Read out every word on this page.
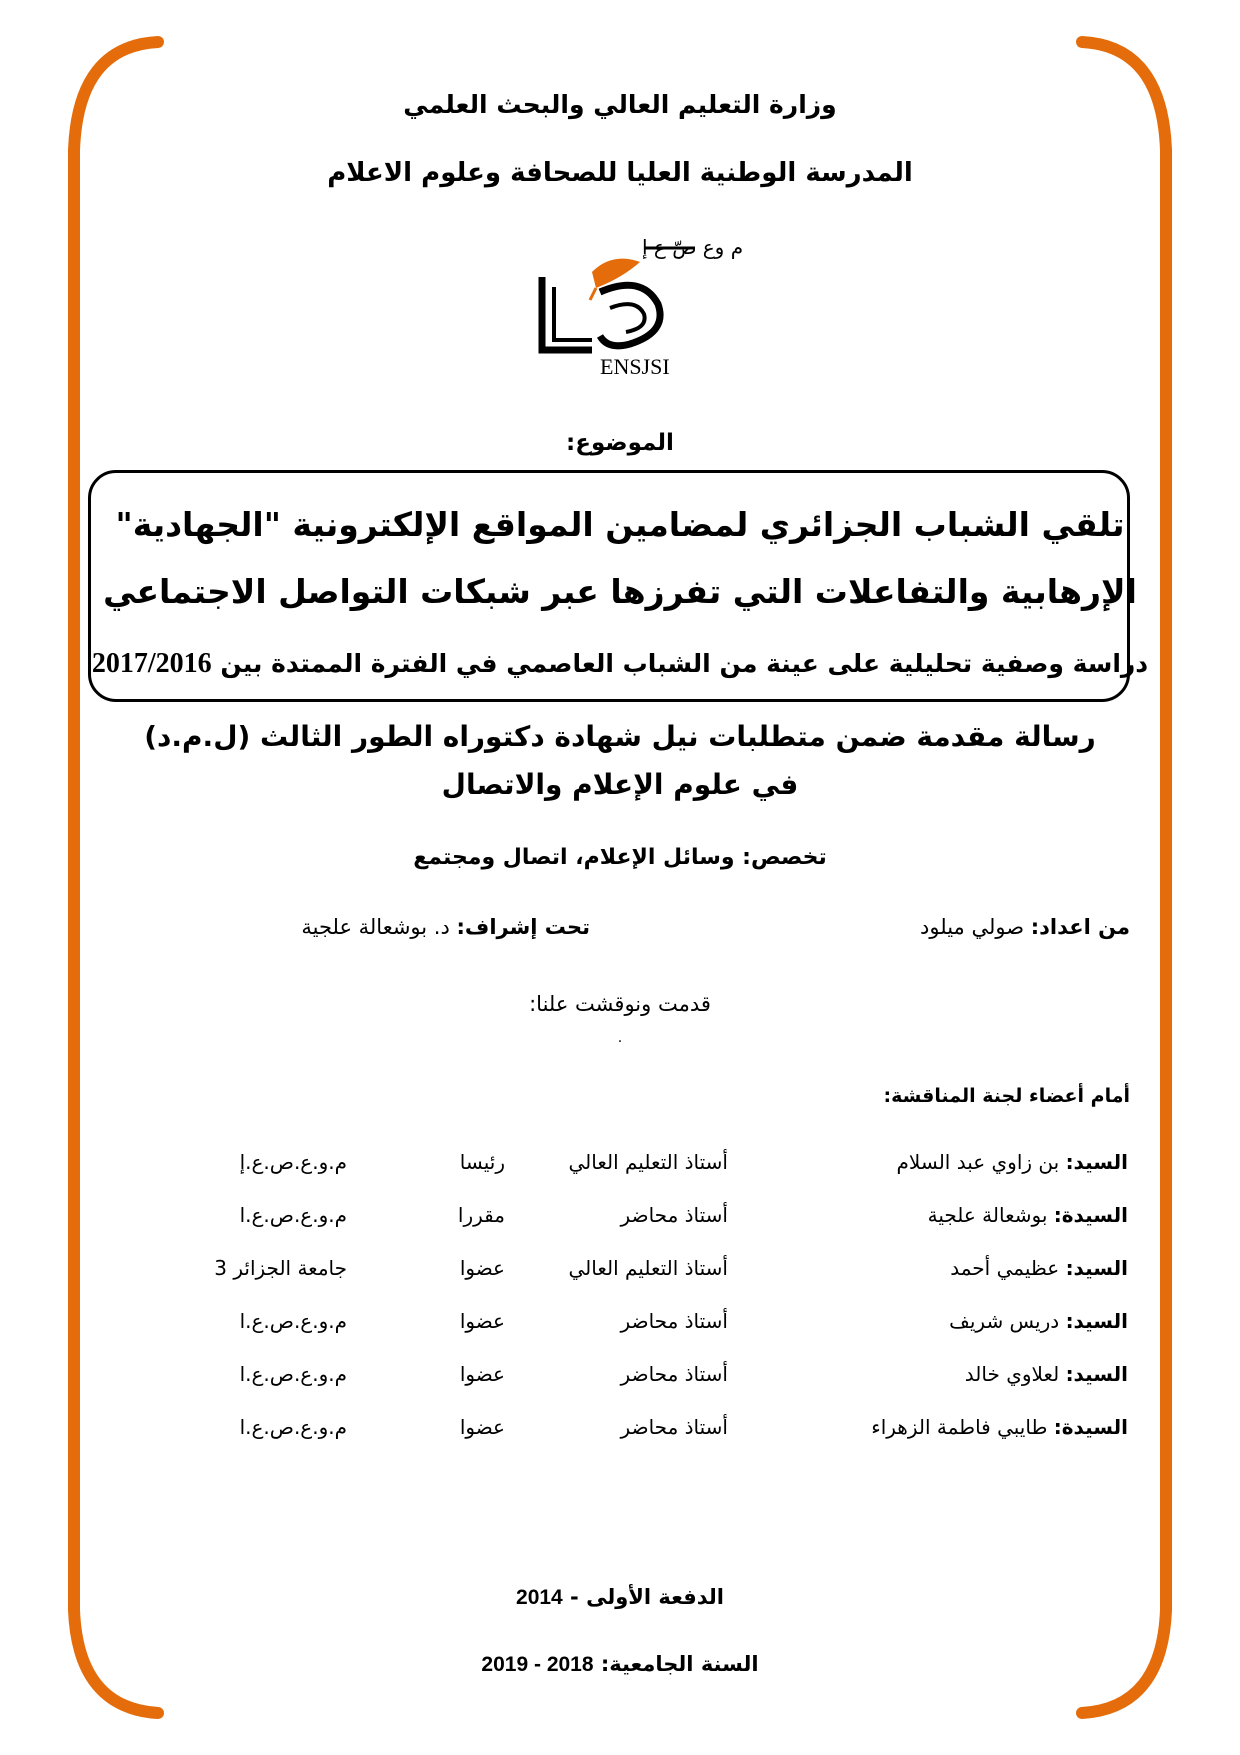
وزارة التعليم العالي والبحث العلمي
المدرسة الوطنية العليا للصحافة وعلوم الاعلام
م وع صّ ع إ
ENSJSI
الموضوع:
تلقي الشباب الجزائري لمضامين المواقع الإلكترونية "الجهادية"
الإرهابية والتفاعلات التي تفرزها عبر شبكات التواصل الاجتماعي
دراسة وصفية تحليلية على عينة من الشباب العاصمي في الفترة الممتدة بين 2017/2016
رسالة مقدمة ضمن متطلبات نيل شهادة دكتوراه الطور الثالث (ل.م.د)
في علوم الإعلام والاتصال
تخصص: وسائل الإعلام، اتصال ومجتمع
من اعداد: صولي ميلود
تحت إشراف: د. بوشعالة علجية
قدمت ونوقشت علنا:
.
أمام أعضاء لجنة المناقشة:
السيد: بن زاوي عبد السلام
أستاذ التعليم العالي
رئيسا
م.و.ع.ص.ع.إ
السيدة: بوشعالة علجية
أستاذ محاضر
مقررا
م.و.ع.ص.ع.ا
السيد: عظيمي أحمد
أستاذ التعليم العالي
عضوا
جامعة الجزائر 3
السيد: دريس شريف
أستاذ محاضر
عضوا
م.و.ع.ص.ع.ا
السيد: لعلاوي خالد
أستاذ محاضر
عضوا
م.و.ع.ص.ع.ا
السيدة: طايبي فاطمة الزهراء
أستاذ محاضر
عضوا
م.و.ع.ص.ع.ا
الدفعة الأولى - 2014
السنة الجامعية: 2018 - 2019
